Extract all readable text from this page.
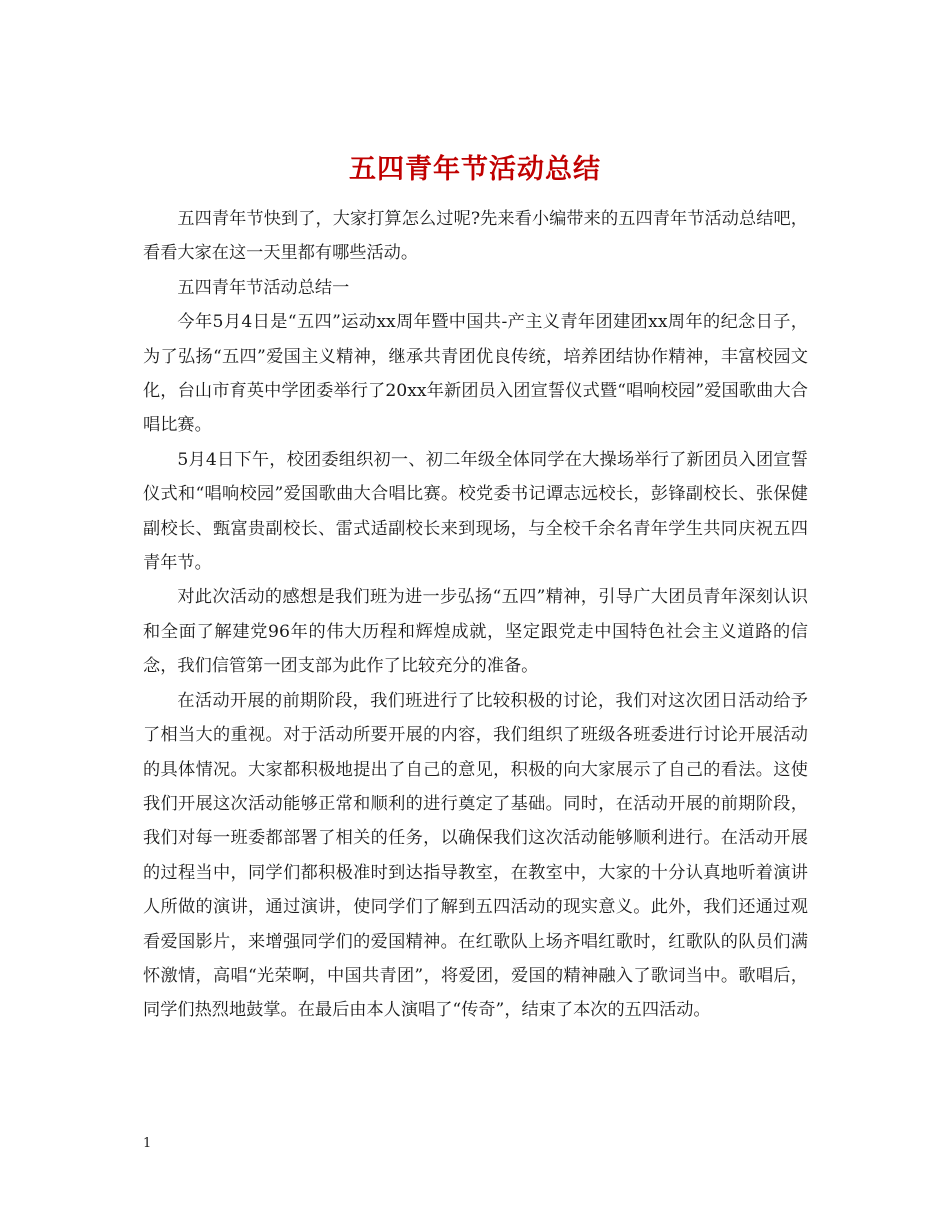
五四青年节活动总结

五四青年节快到了，大家打算怎么过呢?先来看小编带来的五四青年节活动总结吧，看看大家在这一天里都有哪些活动。

五四青年节活动总结一

今年5月4日是“五四”运动xx周年暨中国共-产主义青年团建团xx周年的纪念日子，为了弘扬“五四”爱国主义精神，继承共青团优良传统，培养团结协作精神，丰富校园文化，台山市育英中学团委举行了20xx年新团员入团宣誓仪式暨“唱响校园”爱国歌曲大合唱比赛。

5月4日下午，校团委组织初一、初二年级全体同学在大操场举行了新团员入团宣誓仪式和“唱响校园”爱国歌曲大合唱比赛。校党委书记谭志远校长，彭锋副校长、张保健副校长、甄富贵副校长、雷式适副校长来到现场，与全校千余名青年学生共同庆祝五四青年节。

对此次活动的感想是我们班为进一步弘扬“五四”精神，引导广大团员青年深刻认识和全面了解建党96年的伟大历程和辉煌成就，坚定跟党走中国特色社会主义道路的信念，我们信管第一团支部为此作了比较充分的准备。

在活动开展的前期阶段，我们班进行了比较积极的讨论，我们对这次团日活动给予了相当大的重视。对于活动所要开展的内容，我们组织了班级各班委进行讨论开展活动的具体情况。大家都积极地提出了自己的意见，积极的向大家展示了自己的看法。这使我们开展这次活动能够正常和顺利的进行奠定了基础。同时，在活动开展的前期阶段，我们对每一班委都部署了相关的任务，以确保我们这次活动能够顺利进行。在活动开展的过程当中，同学们都积极准时到达指导教室，在教室中，大家的十分认真地听着演讲人所做的演讲，通过演讲，使同学们了解到五四活动的现实意义。此外，我们还通过观看爱国影片，来增强同学们的爱国精神。在红歌队上场齐唱红歌时，红歌队的队员们满怀激情，高唱“光荣啊，中国共青团”，将爱团，爱国的精神融入了歌词当中。歌唱后，同学们热烈地鼓掌。在最后由本人演唱了“传奇”，结束了本次的五四活动。

1
